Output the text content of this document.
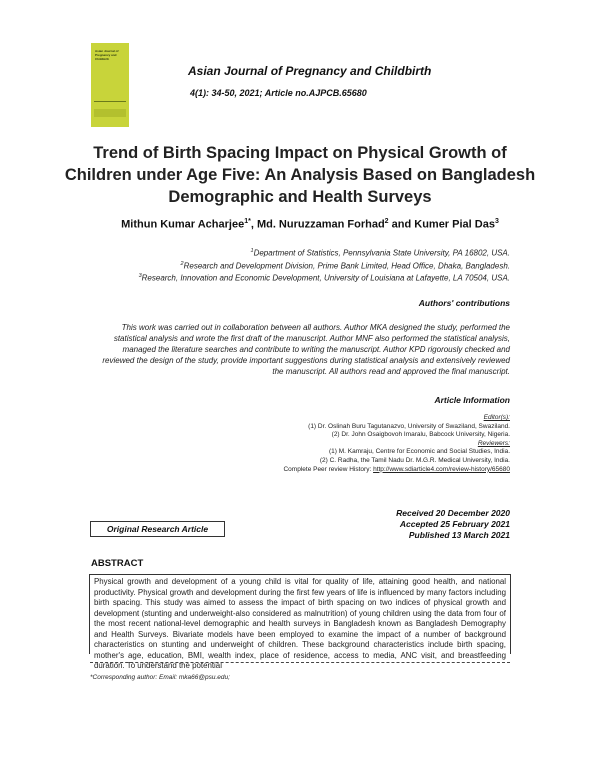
Asian Journal of
Pregnancy and
Childbirth
Asian Journal of Pregnancy and Childbirth
4(1): 34-50, 2021; Article no.AJPCB.65680
Trend of Birth Spacing Impact on Physical Growth of Children under Age Five: An Analysis Based on Bangladesh Demographic and Health Surveys
Mithun Kumar Acharjee$^{1*}$, Md. Nuruzzaman Forhad$^2$ and Kumer Pial Das$^3$
$^1$Department of Statistics, Pennsylvania State University, PA 16802, USA.
$^2$Research and Development Division, Prime Bank Limited, Head Office, Dhaka, Bangladesh.
$^3$Research, Innovation and Economic Development, University of Louisiana at Lafayette, LA 70504, USA.
Authors' contributions
This work was carried out in collaboration between all authors. Author MKA designed the study, performed the statistical analysis and wrote the first draft of the manuscript. Author MNF also performed the statistical analysis, managed the literature searches and contribute to writing the manuscript. Author KPD rigorously checked and reviewed the design of the study, provide important suggestions during statistical analysis and extensively reviewed the manuscript. All authors read and approved the final manuscript.
Article Information
Editor(s):
(1) Dr. Oslinah Buru Tagutanazvo, University of Swaziland, Swaziland.
(2) Dr. John Osaigbovoh Imaralu, Babcock University, Nigeria.
Reviewers:
(1) M. Kamraju, Centre for Economic and Social Studies, India.
(2) C. Radha, the Tamil Nadu Dr. M.G.R. Medical University, India.
Complete Peer review History: http://www.sdiarticle4.com/review-history/65680
Received 20 December 2020
Accepted 25 February 2021
Published 13 March 2021
Original Research Article
ABSTRACT
Physical growth and development of a young child is vital for quality of life, attaining good health, and national productivity. Physical growth and development during the first few years of life is influenced by many factors including birth spacing. This study was aimed to assess the impact of birth spacing on two indices of physical growth and development (stunting and underweight-also considered as malnutrition) of young children using the data from four of the most recent national-level demographic and health surveys in Bangladesh known as Bangladesh Demography and Health Surveys. Bivariate models have been employed to examine the impact of a number of background characteristics on stunting and underweight of children. These background characteristics include birth spacing, mother's age, education, BMI, wealth index, place of residence, access to media, ANC visit, and breastfeeding duration. To understand the potential
*Corresponding author: Email: mka66@psu.edu;
